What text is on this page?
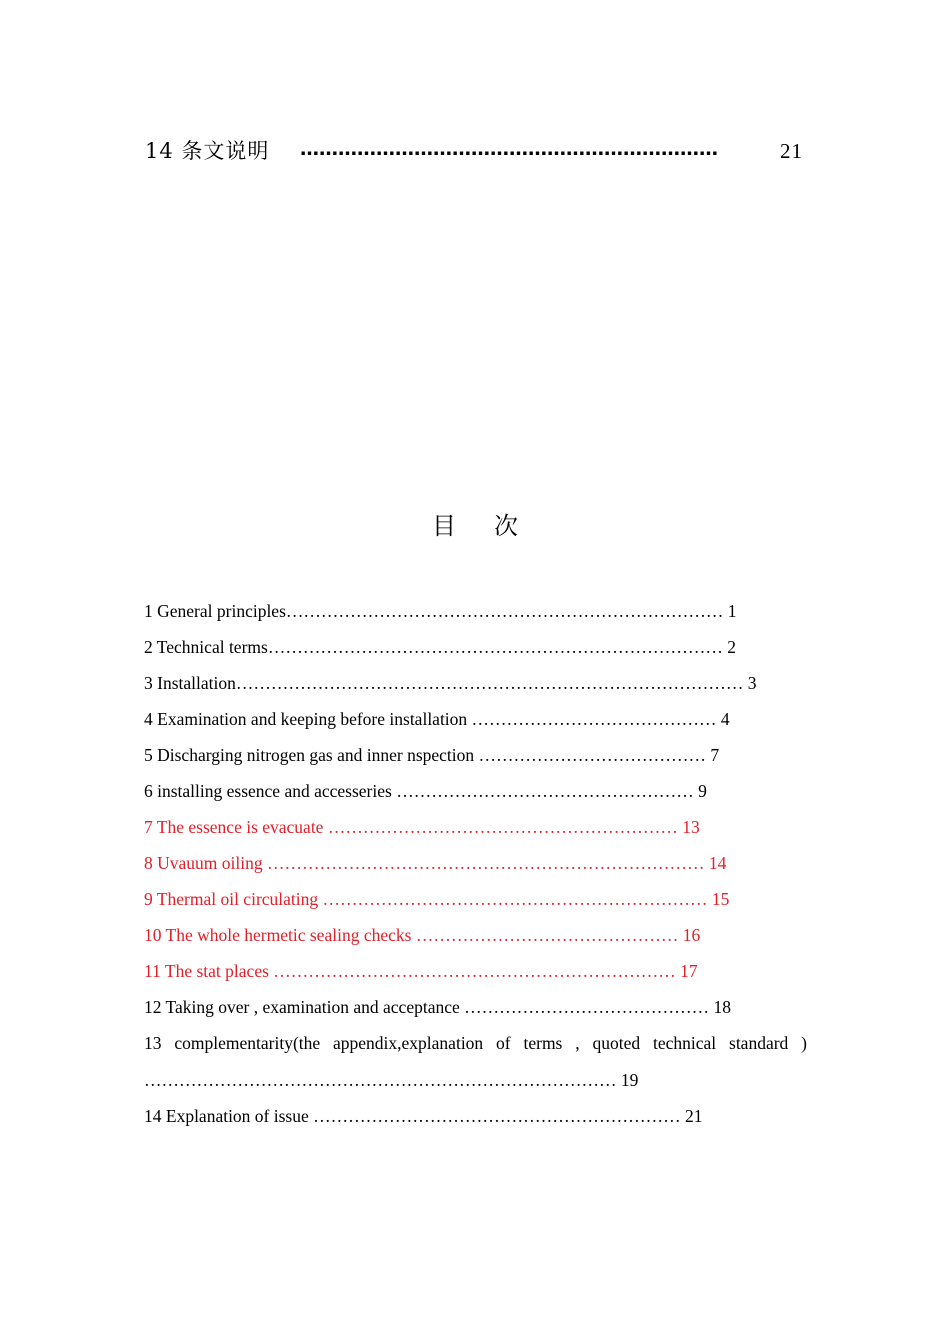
14 条文说明 …………………………………………………………	21
目次
1 General principles………………………………………………………………… 1
2 Technical terms…………………………………………………………………… 2
3 Installation…………………………………………………………………………… 3
4 Examination and keeping before installation …………………………………… 4
5 Discharging nitrogen gas and inner nspection ………………………………… 7
6 installing essence and accesseries …………………………………………… 9
7 The essence is evacuate …………………………………………………… 13
8 Uvauum oiling ………………………………………………………………… 14
9 Thermal oil circulating ………………………………………………………… 15
10 The whole hermetic sealing checks ……………………………………… 16
11 The stat places …………………………………………………………… 17
12 Taking over , examination and acceptance …………………………………… 18
13 complementarity(the appendix,explanation of terms , quoted technical standard )
……………………………………………………………………… 19
14 Explanation of issue ……………………………………………………… 21
